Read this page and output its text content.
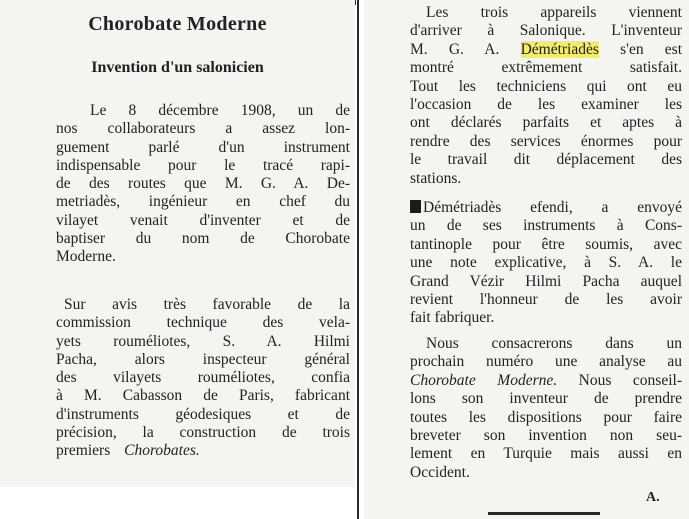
Chorobate Moderne
Invention d'un salonicien
Le 8 décembre 1908, un de
nos collaborateurs a assez lon-
guement parlé d'un instrument
indispensable pour le tracé rapi-
de des routes que M. G. A. De-
metriadès, ingénieur en chef du
vilayet venait d'inventer et de
baptiser du nom de Chorobate
Moderne.
Sur avis très favorable de la
commission technique des vela-
yets rouméliotes, S. A. Hilmi
Pacha, alors inspecteur général
des vilayets rouméliotes, confia
à M. Cabasson de Paris, fabricant
d'instruments géodesiques et de
précision, la construction de trois
premiers Chorobates.
Les trois appareils viennent
d'arriver à Salonique. L'inventeur
M. G. A. Démétriadès s'en est
montré extrêmement satisfait.
Tout les techniciens qui ont eu
l'occasion de les examiner les
ont déclarés parfaits et aptes à
rendre des services énormes pour
le travail dit déplacement des
stations.
Démétriadès efendi, a envoyé
un de ses instruments à Cons-
tantinople pour être soumis, avec
une note explicative, à S. A. le
Grand Vézir Hilmi Pacha auquel
revient l'honneur de les avoir
fait fabriquer.
Nous consacrerons dans un
prochain numéro une analyse au
Chorobate Moderne. Nous conseil-
lons son inventeur de prendre
toutes les dispositions pour faire
breveter son invention non seu-
lement en Turquie mais aussi en
Occident.
A.
